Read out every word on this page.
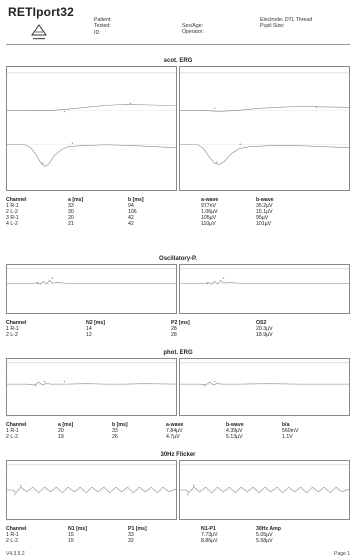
RETIport32
Patient:
Tested:
ID:
Sex/Age:
Operator:
Electrode: DTL Thread
Pupil Size:
scot. ERG
+
+
+
+
+	+
+
+
Channel	a [ms]	b [ms]	a-wave	b-wave
1 R-1	33	94	977nV	35.2µV
2 L-2	30	106	1.06µV	15.1µV
3 R-1	20	42	105µV	95µV
4 L-2	21	42	110µV	101µV
Oscillatory-P.
+
+
+
+
Channel	N2 [ms]	P2 [ms]	OS2
1 R-1	14	28	20.3µV
2 L-2	12	28	18.9µV
phot. ERG
+
+	+
+
+
Channel	a [ms]	b [ms]	a-wave	b-wave	b/a
1 R-1	20	33	7.84µV	4.39µV	560mV
2 L-2	19	26	4.7µV	5.13µV	1.1V
30Hz Flicker
+
+
+
+
Channel	N1 [ms]	P1 [ms]	N1-P1	30Hz Amp
1 R-1	15	33	7.73µV	5.05µV
2 L-2	15	32	8.86µV	5.58µV
V4.3.5.2	Page 1
